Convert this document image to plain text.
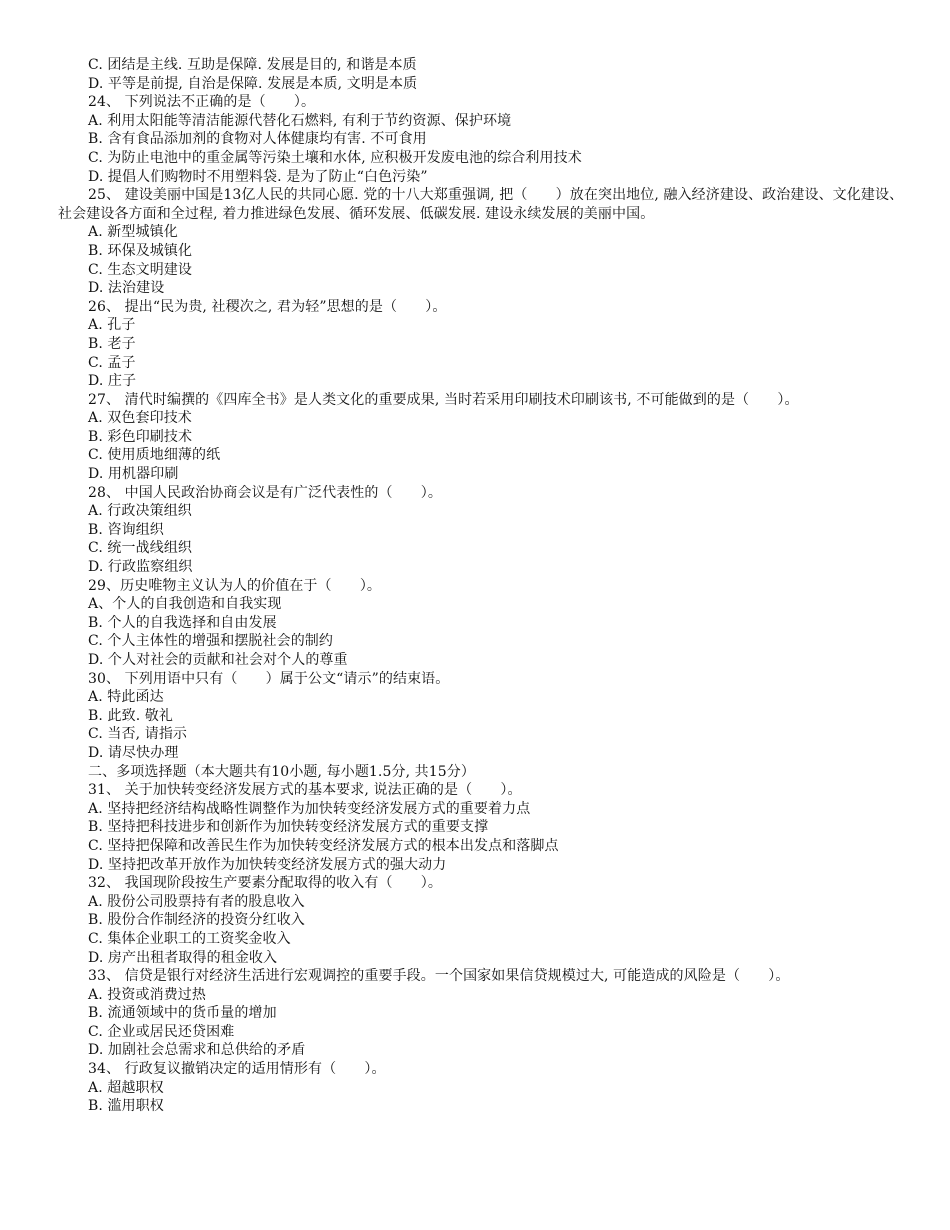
C. 团结是主线. 互助是保障. 发展是目的, 和谐是本质
D. 平等是前提, 自治是保障. 发展是本质, 文明是本质
24、 下列说法不正确的是（　　）。
A. 利用太阳能等清洁能源代替化石燃料, 有利于节约资源、保护环境
B. 含有食品添加剂的食物对人体健康均有害. 不可食用
C. 为防止电池中的重金属等污染土壤和水体, 应积极开发废电池的综合利用技术
D. 提倡人们购物时不用塑料袋. 是为了防止“白色污染”
25、 建设美丽中国是13亿人民的共同心愿. 党的十八大郑重强调, 把（　　）放在突出地位, 融入经济建设、政治建设、文化建设、社会建设各方面和全过程, 着力推进绿色发展、循环发展、低碳发展. 建设永续发展的美丽中国。
A. 新型城镇化
B. 环保及城镇化
C. 生态文明建设
D. 法治建设
26、 提出“民为贵, 社稷次之, 君为轻”思想的是（　　）。
A. 孔子
B. 老子
C. 孟子
D. 庄子
27、 清代时编撰的《四库全书》是人类文化的重要成果, 当时若采用印刷技术印刷该书, 不可能做到的是（　　）。
A. 双色套印技术
B. 彩色印刷技术
C. 使用质地细薄的纸
D. 用机器印刷
28、 中国人民政治协商会议是有广泛代表性的（　　）。
A. 行政决策组织
B. 咨询组织
C. 统一战线组织
D. 行政监察组织
29、历史唯物主义认为人的价值在于（　　）。
A、个人的自我创造和自我实现
B. 个人的自我选择和自由发展
C. 个人主体性的增强和摆脱社会的制约
D. 个人对社会的贡献和社会对个人的尊重
30、 下列用语中只有（　　）属于公文“请示”的结束语。
A. 特此函达
B. 此致. 敬礼
C. 当否, 请指示
D. 请尽快办理
二、多项选择题（本大题共有10小题, 每小题1.5分, 共15分）
31、 关于加快转变经济发展方式的基本要求, 说法正确的是（　　）。
A. 坚持把经济结构战略性调整作为加快转变经济发展方式的重要着力点
B. 坚持把科技进步和创新作为加快转变经济发展方式的重要支撑
C. 坚持把保障和改善民生作为加快转变经济发展方式的根本出发点和落脚点
D. 坚持把改革开放作为加快转变经济发展方式的强大动力
32、 我国现阶段按生产要素分配取得的收入有（　　）。
A. 股份公司股票持有者的股息收入
B. 股份合作制经济的投资分红收入
C. 集体企业职工的工资奖金收入
D. 房产出租者取得的租金收入
33、 信贷是银行对经济生活进行宏观调控的重要手段。一个国家如果信贷规模过大, 可能造成的风险是（　　）。
A. 投资或消费过热
B. 流通领域中的货币量的增加
C. 企业或居民还贷困难
D. 加剧社会总需求和总供给的矛盾
34、 行政复议撤销决定的适用情形有（　　）。
A. 超越职权
B. 滥用职权
